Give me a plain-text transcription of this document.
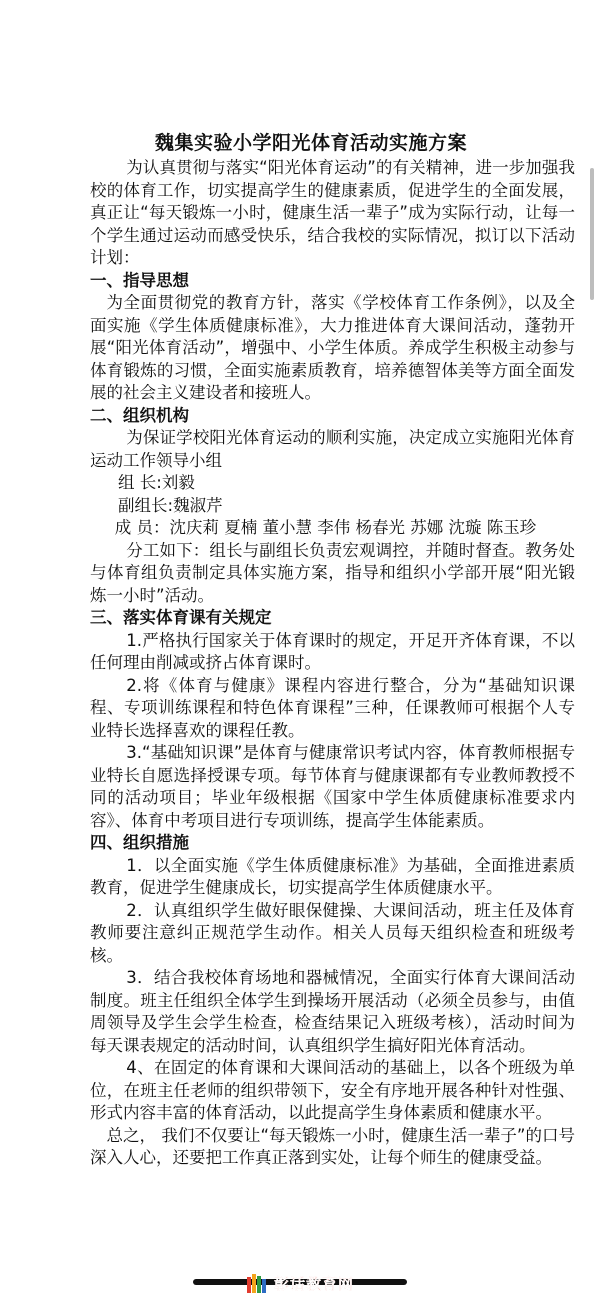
魏集实验小学阳光体育活动实施方案

为认真贯彻与落实“阳光体育运动”的有关精神，进一步加强我校的体育工作，切实提高学生的健康素质，促进学生的全面发展，真正让“每天锻炼一小时，健康生活一辈子”成为实际行动，让每一个学生通过运动而感受快乐，结合我校的实际情况，拟订以下活动计划：

一、指导思想

为全面贯彻党的教育方针，落实《学校体育工作条例》，以及全面实施《学生体质健康标准》，大力推进体育大课间活动，蓬勃开展“阳光体育活动”，增强中、小学生体质。养成学生积极主动参与体育锻炼的习惯，全面实施素质教育，培养德智体美等方面全面发展的社会主义建设者和接班人。

二、组织机构

为保证学校阳光体育运动的顺利实施，决定成立实施阳光体育运动工作领导小组

组 长:刘毅

副组长:魏淑芹

成 员：沈庆莉 夏楠 董小慧 李伟 杨春光 苏娜 沈璇 陈玉珍

分工如下：组长与副组长负责宏观调控，并随时督查。教务处与体育组负责制定具体实施方案，指导和组织小学部开展“阳光锻炼一小时”活动。

三、落实体育课有关规定

1.严格执行国家关于体育课时的规定，开足开齐体育课，不以任何理由削减或挤占体育课时。

2.将《体育与健康》课程内容进行整合，分为“基础知识课程、专项训练课程和特色体育课程”三种，任课教师可根据个人专业特长选择喜欢的课程任教。

3.“基础知识课”是体育与健康常识考试内容，体育教师根据专业特长自愿选择授课专项。每节体育与健康课都有专业教师教授不同的活动项目；毕业年级根据《国家中学生体质健康标准要求内容》、体育中考项目进行专项训练，提高学生体能素质。

四、组织措施

1．以全面实施《学生体质健康标准》为基础，全面推进素质教育，促进学生健康成长，切实提高学生体质健康水平。

2．认真组织学生做好眼保健操、大课间活动，班主任及体育教师要注意纠正规范学生动作。相关人员每天组织检查和班级考核。

3．结合我校体育场地和器械情况，全面实行体育大课间活动制度。班主任组织全体学生到操场开展活动（必须全员参与，由值周领导及学生会学生检查，检查结果记入班级考核），活动时间为每天课表规定的活动时间，认真组织学生搞好阳光体育活动。

4、在固定的体育课和大课间活动的基础上，以各个班级为单位，在班主任老师的组织带领下，安全有序地开展各种针对性强、形式内容丰富的体育活动，以此提高学生身体素质和健康水平。

总之， 我们不仅要让“每天锻炼一小时，健康生活一辈子”的口号深入人心，还要把工作真正落到实处，让每个师生的健康受益。

彰话教育网
